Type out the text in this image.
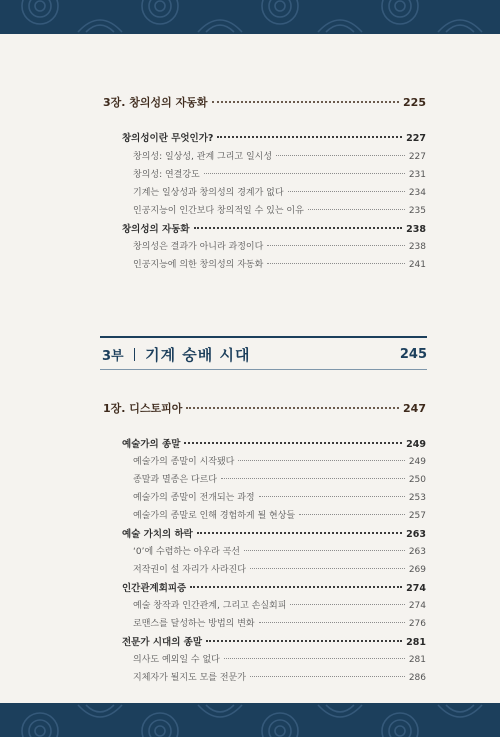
3장. 창의성의 자동화	225
창의성이란 무엇인가?	227
창의성: 일상성, 관계 그리고 일시성	227
창의성: 연결강도	231
기계는 일상성과 창의성의 경계가 없다	234
인공지능이 인간보다 창의적일 수 있는 이유	235
창의성의 자동화	238
창의성은 결과가 아니라 과정이다	238
인공지능에 의한 창의성의 자동화	241
3부 기계 숭배 시대	245
1장. 디스토피아	247
예술가의 종말	249
예술가의 종말이 시작됐다	249
종말과 멸종은 다르다	250
예술가의 종말이 전개되는 과정	253
예술가의 종말로 인해 경험하게 될 현상들	257
예술 가치의 하락	263
‘0’에 수렴하는 아우라 곡선	263
저작권이 설 자리가 사라진다	269
인간관계회피증	274
예술 창작과 인간관계, 그리고 손실회피	274
로맨스를 달성하는 방법의 변화	276
전문가 시대의 종말	281
의사도 예외일 수 없다	281
지체자가 될지도 모를 전문가	286
